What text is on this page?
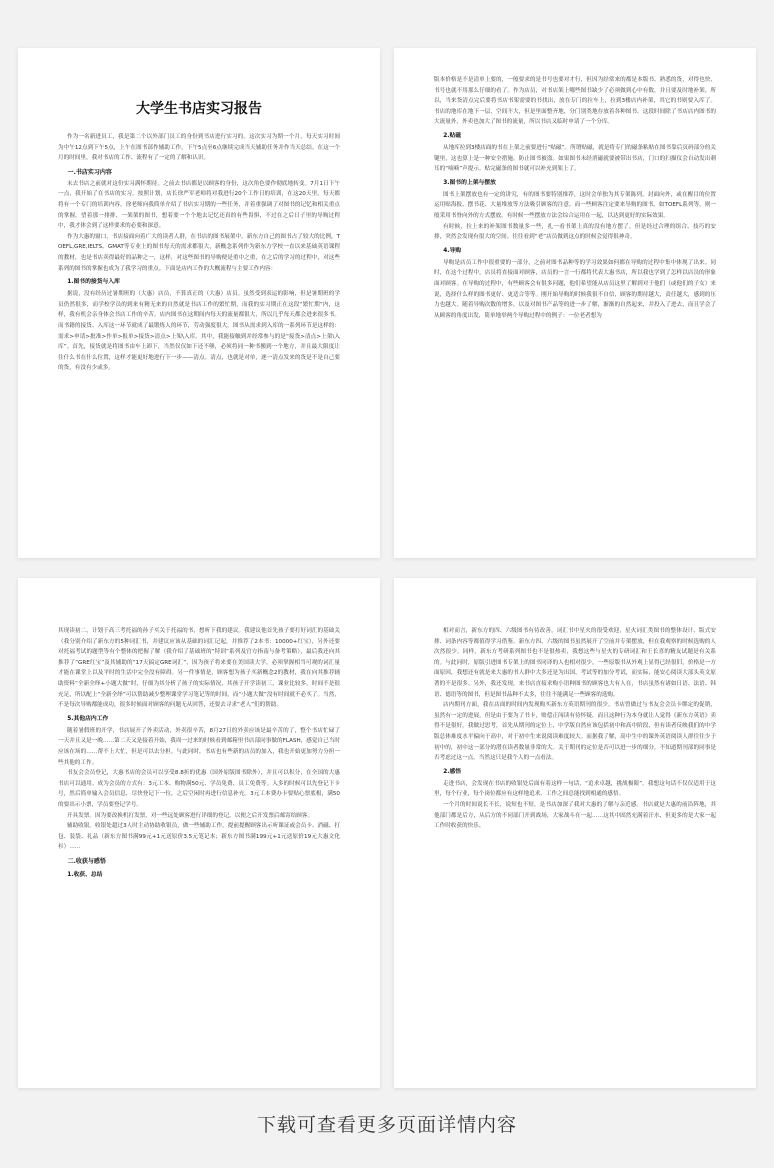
大学生书店实习报告
作为一名新进员工，我是第二个以外部门员工的身份到书店进行实习的。这次实习为期一个月，每天实习时间为中午12点到下午5点，上午在图书部作辅助工作，下午5点至6点继续完成当天辅助任务并作当天总结。在这一个月的时间里，我对书店的工作、流程有了一定的了解和认识。
一.书店实习内容
未去书店之前就对这份实习满怀期待。之前去书店都是以顾客的身份，这次角色要作彻底地转变。7月1日下午一点，我开始了在书店的实习。按照计划，店长徐严军老师将对我进行20个工作日的培训，在这20天里，每天都将有一个专门的培训内容。徐老师向我简单介绍了书店实习期的一些任务，并着重强调了对图书的记忆和相关重点的掌握。望着那一排排、一架架的图书，想着要一个个地去记忆还真的有些畏惧，不过在之后日子里的导购过程中，我才体会到了这样要求的必要和深意。
作为大惠的窗口，书店接面向着广大的读者人群，在书店的图书展架中，新东方自己的图书占了较大的比例，TOEFL,GRE,IELTS、GMAT等专业上的图书每天的需求都很大，新概念系列作为新东方学校一直以来基础英语课程的教材，也是书店卖得最好的品种之一，这样，对这些图书的导购便是重中之重，在之后的学习的过程中，对这些系列的图书的掌握也成为了我学习的重点。下面是店内工作的大概流程与主要工作内容：
1.图书的接货与入库
据说，没有经历过暑期班的（大惠）店员，不算真正的（大惠）店员。虽然受到表运的影响，但是暑期班的学员仍然很多，而学校学员的到来有精无来的自然就是书店工作的繁忙期，而我的实习期正在这段“繁忙期”内，这样，我有机会亲身体会书店工作的辛苦。店内图书在这期间内每天的流量都很大，所以几乎每天都会进来很多书。而书籍的接货、入库这一环节就成了最锻炼人的环节，劳动强度很大。图书从需求到入库的一系列环节是这样的：需求>申请>批准>作单>报单>接货>清点>上架\入库。其中，我能接触到并经常参与的是“接货>清点>上架\入库”。首先，接货就是将图书由车上卸下，当然仅仅如下还不够，必须将同一种书搬到一个地方，并且最大限度让住什么书在什么位置，这样才能更好地进行下一步——清点。清点，也就是对单，逐一清点发来的货是不是自己要的货，有没有少或多。
版本价格是不是清单上要的，一般要求的是书号也要对才行，但因为经常来的都是本版书、熟悉的货，对得也快，书号也就不用那么仔细的看了。作为店员，对书店架上哪些图书缺少了必须做到心中有数，并且要及时地补架。所以，当来货清点完后要将书店书架需要的书找出，放在专门的拉车上，拉到3楼店内补架，其它的书则要入库了。书店的地库在地下一层，空间不大，但是里面整齐地、分门别类地存放着各种图书。这段时间除了书店店内图书的大流量外，外卖也加大了图书的流量，所以书店又临时申请了一个分库。
2.贴磁
从地库拉到3楼店面的书在上架之前要进行“贴磁”。所谓贴磁，就是将专门的磁条粘贴在图书靠后页码部分的关键里，这也算上是一种安全措施，防止图书被盗。如果图书未经消磁就要被带出书店，门口的扫描仪会自动发出刺耳的“嘀嘀”声提示。贴完磁条的图书就可以补充到架上了。
3.图书的上架与摆放
图书上架摆放也有一定的讲究，有的图书要特别推荐，这时会单独为其专架陈列，封面向外，或在醒目的位置运用贴海报、摆书花、大量堆放等方法吸引顾客的注意。而一些顾客注定要来导购的图书，如TOEFL系列等，则一般采用书脊向外的方式摆放。有时候一些摆放方法会综合运用在一起，以达到更好的实际效果。
有时候，拉上来的补架图书数量多一些，扎一看书架上真的没有地方摆了，但是经过合理的组合、技巧的安排，突然会发现有很大的空间。往往看到“老”店员做到这点的时候会觉得很神奇。
4.导购
导购是店员工作中很重要的一部分，之前对图书品种等的学习效果如何都在导购的过程中集中体现了出来。同时，在这个过程中，店员将直接面对顾客，店员的一言一行都将代表大惠书店，所以我也学到了怎样以店员的形象面对顾客。在导购的过程中，有些顾客会有很多问题，他们希望能从店员这里了解到对于他们（或他们的子女）来说，选择什么样的图书更好、更适合等等。刚开始导购的时候我很不自信，顾客的期待越大，责任越大，感到的压力也越大。随着导购次数的增多，以及对图书产品等的进一步了解，渐渐的自然起来，并投入了进去，而且学会了从顾客的角度出发，简单地举两个导购过程中的例子：一位老者想为
其现读初二，计划于高三考托福的孙子买关于托福的书，想听下我的建议。我建议他首先孩子要打好词汇的基础关（我分别介绍了新东方的5种词汇书，并建议应该从基础的词汇记起，并推荐了2本书：10000+红宝），另外还要对托福考试的题型等有个整体的把握了解（我介绍了基础班的“特训”系列及官方指南与备考策略），最后我还向其推荐了“GRE红宝”及其辅助的“17天搞定GRE词汇”，因为孩子将来要在美国读大学，必须掌握相当可观的词汇量才能在课堂上以及平时的生活中完全没有障碍。另一件事情是，顾客想为孩子买新概念2的教材，我在向其推荐辅助资料“全新全绎+小题大做”时，仔细为其分析了孩子的实际情况，其孩子开学读初三，课业比较多，时间不是很充足，所以配上“全新全绎”可以帮助减少整理课堂学习笔记等的时间，而“小题大做”没有时间就不必买了。当然，不是每次导购都能成功，很多时候面对顾客的问题无从回答，还要去寻求“老人”们的帮助。
5.其他店内工作
随着暑假班的开学，书店展开了外卖活动，外卖很辛苦，8月27日的外卖应该是最辛苦的了，整个书店忙碌了一天并且又是一晚……第二天又是接着开始，我周一过来的时候看到邮箱里书店部同事做的FLASH，感觉自己当时应该在场的……帮不上大忙，但是可以去分担。与此同时，书店也有些新的店员的加入，我也开始更加努力分担一些其他的工作。
书友会会员登记，大惠书店的会员可以享受8.8折的优惠（国外原版图书除外），并且可以积分，在全国的大惠书店可以通用。成为会员的方式有：3元工本、购物满50元、学员免费、员工免费等。入多的时候可以先登记下卡号，然后简单输入会员信息，尽快登记下一位，之后空闲时再进行信息补充。3元工本费办卡要贴心票底根，满50的要出示小票，学员要登记学号。
开具发票。因为要改换机打发票，对一些远处顾客进行详细的登记，以便之后开发票后邮寄给顾客。
辅助收银。收银处超过3人时主动协助收银员，做一些辅助工作，提前提醒顾客出示听课证或会员卡、消磁、打包、装袋、礼品（新东方图书满99元+1元送原价3.5元笔记本；新东方图书满199元+1元送原价19元大惠文化衫）……
二.收获与感悟
1.收获、总结
相对而言，新东方的四、六级图书有待改善。词汇书中星火的很受欢迎，星火词汇类图书的整体设计、版式安排、词条内容等都值得学习借鉴。新东方四、六级的图书虽然展开了空前并专架摆放，但在我观察的时候选购的人次然很少。同样，新东方考研系列图书也不是很热卖，我想这些与星火的专研词汇和王长喜的精友试题是有关系的。与此同时，原版引进图书专架上的图书同译的人也相对很少，一些原版书从外观上显得已经很旧，价格是一方面原因，我想还有就是来大惠的书人群中大多还是为出国、考试等的加分考试，而实际，能安心阅读大部头英文原著的不是很多。另外，我还发现，来书店直接求购小语种图书的顾客也大有人在，书店虽然有诸如日语、法语、韩语、德语等的图书，但是图书品种不太多，往往不能满足一些顾客的选购。
店内期刊方面，我在店面的时间内发现购买新东方英语期刊的很少。书店曾做过与书友会会员卡绑定的促销，虽然有一定的进展，但是由于要为了书卡，赔偿正闯读有待怀疑，而且这种行为本身就让人觉得《新东方英语》卖得不是很好。我做过思考，首先从期刊的定位上，中学版自然应该包括初中和高中阶段，但有读者反映我们的中学版总体难度水平偏向于高中，对于初中生来说阅读难度较大。而据我了解，高中生中的课外英语阅读人群往往少于初中的，初中这一部分的潜在读者数量非常的大。关于期刊的定位是否可以进一步的细分，不知道期刊部的同事是否考虑过这一点，当然这只是我个人的一点看法。
2.感悟
走进书店，会发现在书店的收银处后面有着这样一句话，“追求卓越，挑战极限”。我想这句话不仅仅适用于这里，每个行业，每个岗位都应有这样地追求。工作之间总能找到相通的感悟。
一个月的时间说长不长，说短也不短，是书店加深了我对大惠的了解与亲近感。书店就是大惠的前沿阵地，其他部门都是后方，从后方的不同部门开到战场，大家战斗在一起……这其中固然充满着汗水，但更多的是大家一起工作时收获的快乐。
下载可查看更多页面详情内容
